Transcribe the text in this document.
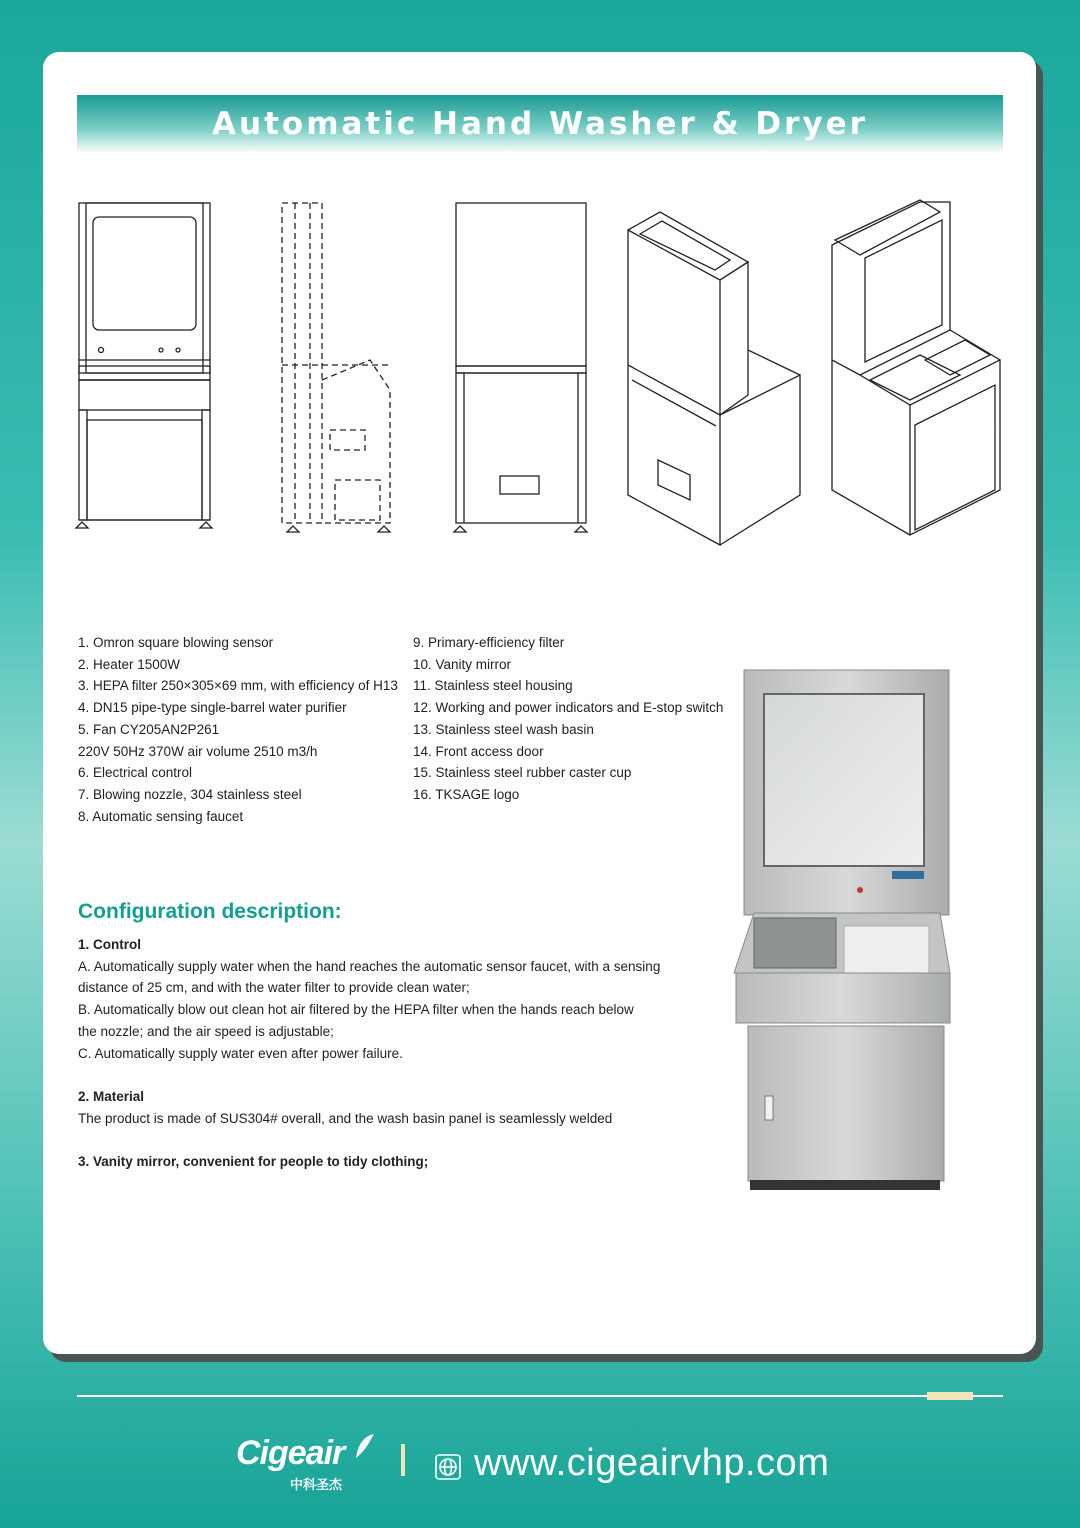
Automatic Hand Washer & Dryer
1. Omron square blowing sensor
2. Heater 1500W
3. HEPA filter 250×305×69 mm, with efficiency of H13
4. DN15 pipe-type single-barrel water purifier
5. Fan CY205AN2P261
220V 50Hz 370W air volume 2510 m3/h
6. Electrical control
7. Blowing nozzle, 304 stainless steel
8. Automatic sensing faucet
9. Primary-efficiency filter
10. Vanity mirror
11. Stainless steel housing
12. Working and power indicators and E-stop switch
13. Stainless steel wash basin
14. Front access door
15. Stainless steel rubber caster cup
16. TKSAGE logo
Configuration description:

1. Control

A. Automatically supply water when the hand reaches the automatic sensor faucet, with a sensing

distance of 25 cm, and with the water filter to provide clean water;

B. Automatically blow out clean hot air filtered by the HEPA filter when the hands reach below

the nozzle; and the air speed is adjustable;

C. Automatically supply water even after power failure.

2. Material

The product is made of SUS304# overall, and the wash basin panel is seamlessly welded

3. Vanity mirror, convenient for people to tidy clothing;

Cigeair
中科圣杰
www.cigeairvhp.com
